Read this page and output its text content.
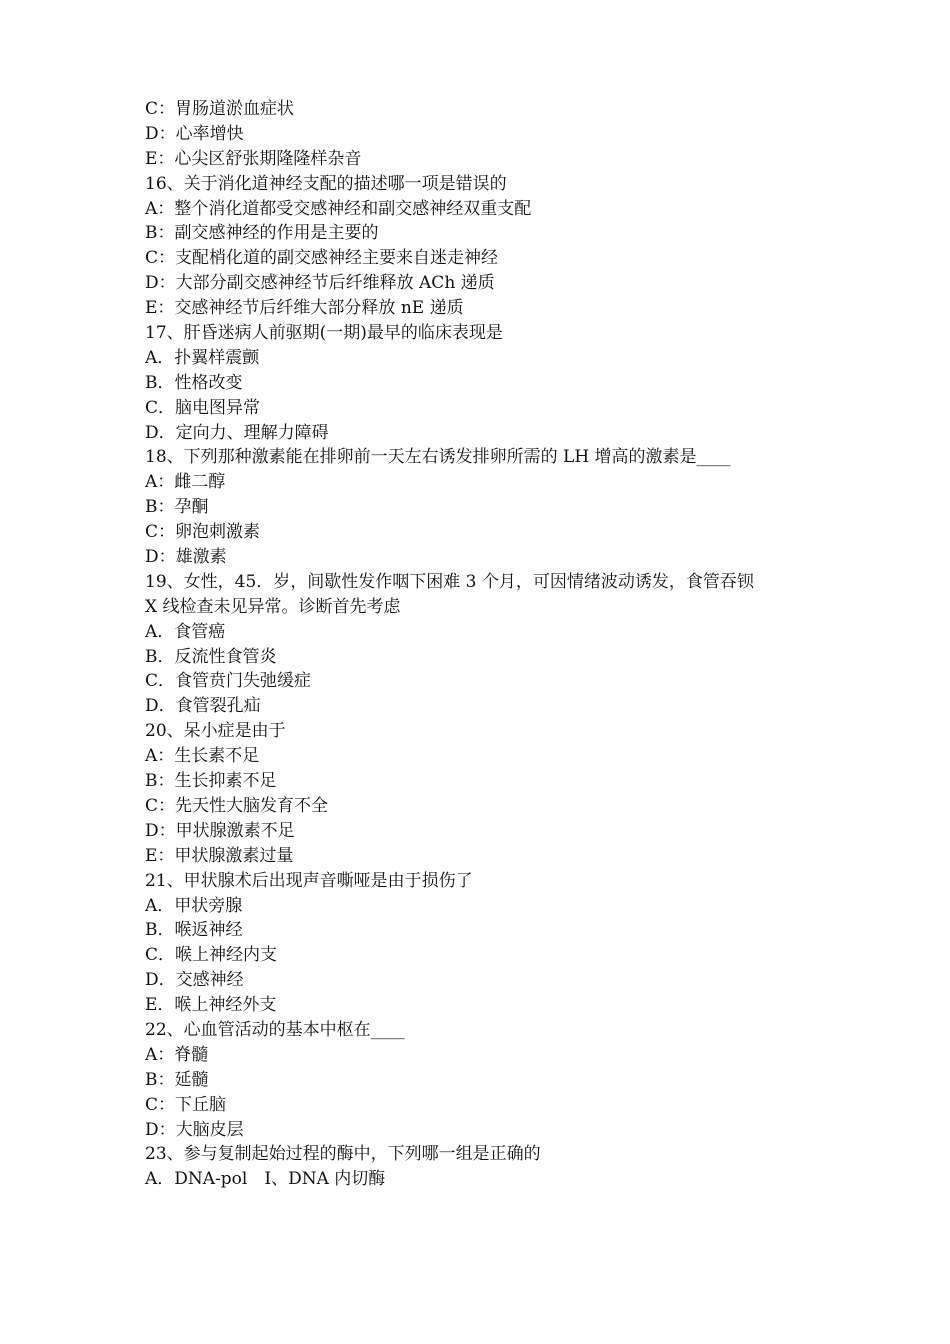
C：胃肠道淤血症状
D：心率增快
E：心尖区舒张期隆隆样杂音
16、关于消化道神经支配的描述哪一项是错误的
A：整个消化道都受交感神经和副交感神经双重支配
B：副交感神经的作用是主要的
C：支配梢化道的副交感神经主要来自迷走神经
D：大部分副交感神经节后纤维释放 ACh 递质
E：交感神经节后纤维大部分释放 nE 递质
17、肝昏迷病人前驱期(一期)最早的临床表现是
A．扑翼样震颤
B．性格改变
C．脑电图异常
D．定向力、理解力障碍
18、下列那种激素能在排卵前一天左右诱发排卵所需的 LH 增高的激素是____
A：雌二醇
B：孕酮
C：卵泡刺激素
D：雄激素
19、女性，45．岁，间歇性发作咽下困难 3 个月，可因情绪波动诱发，食管吞钡
X 线检查未见异常。诊断首先考虑
A．食管癌
B．反流性食管炎
C．食管贲门失弛缓症
D．食管裂孔疝
20、呆小症是由于
A：生长素不足
B：生长抑素不足
C：先天性大脑发育不全
D：甲状腺激素不足
E：甲状腺激素过量
21、甲状腺术后出现声音嘶哑是由于损伤了
A．甲状旁腺
B．喉返神经
C．喉上神经内支
D．交感神经
E．喉上神经外支
22、心血管活动的基本中枢在____
A：脊髓
B：延髓
C：下丘脑
D：大脑皮层
23、参与复制起始过程的酶中，下列哪一组是正确的
A．DNA-pol　I、DNA 内切酶
